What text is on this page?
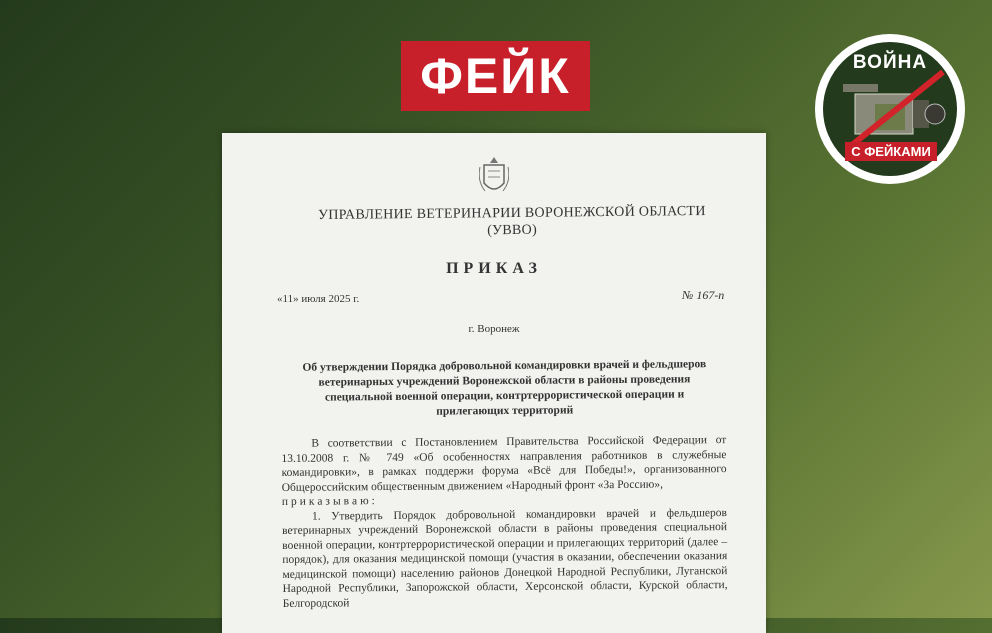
ФЕЙК	ВОЙНА
С ФЕЙКАМИ
УПРАВЛЕНИЕ ВЕТЕРИНАРИИ ВОРОНЕЖСКОЙ ОБЛАСТИ
(УВВО)
ПРИКАЗ
«11» июля 2025 г.	№ 167-п
г. Воронеж
Об утверждении Порядка добровольной командировки врачей и фельдшеров ветеринарных учреждений Воронежской области в районы проведения специальной военной операции, контртеррористической операции и прилегающих территорий

В соответствии с Постановлением Правительства Российской Федерации от 13.10.2008 г. № 749 «Об особенностях направления работников в служебные командировки», в рамках поддержи форума «Всё для Победы!», организованного Общероссийским общественным движением «Народный фронт «За Россию»,

приказываю:

1. Утвердить Порядок добровольной командировки врачей и фельдшеров ветеринарных учреждений Воронежской области в районы проведения специальной военной операции, контртеррористической операции и прилегающих территорий (далее – порядок), для оказания медицинской помощи (участия в оказании, обеспечении оказания медицинской помощи) населению районов Донецкой Народной Республики, Луганской Народной Республики, Запорожской области, Херсонской области, Курской области, Белгородской
